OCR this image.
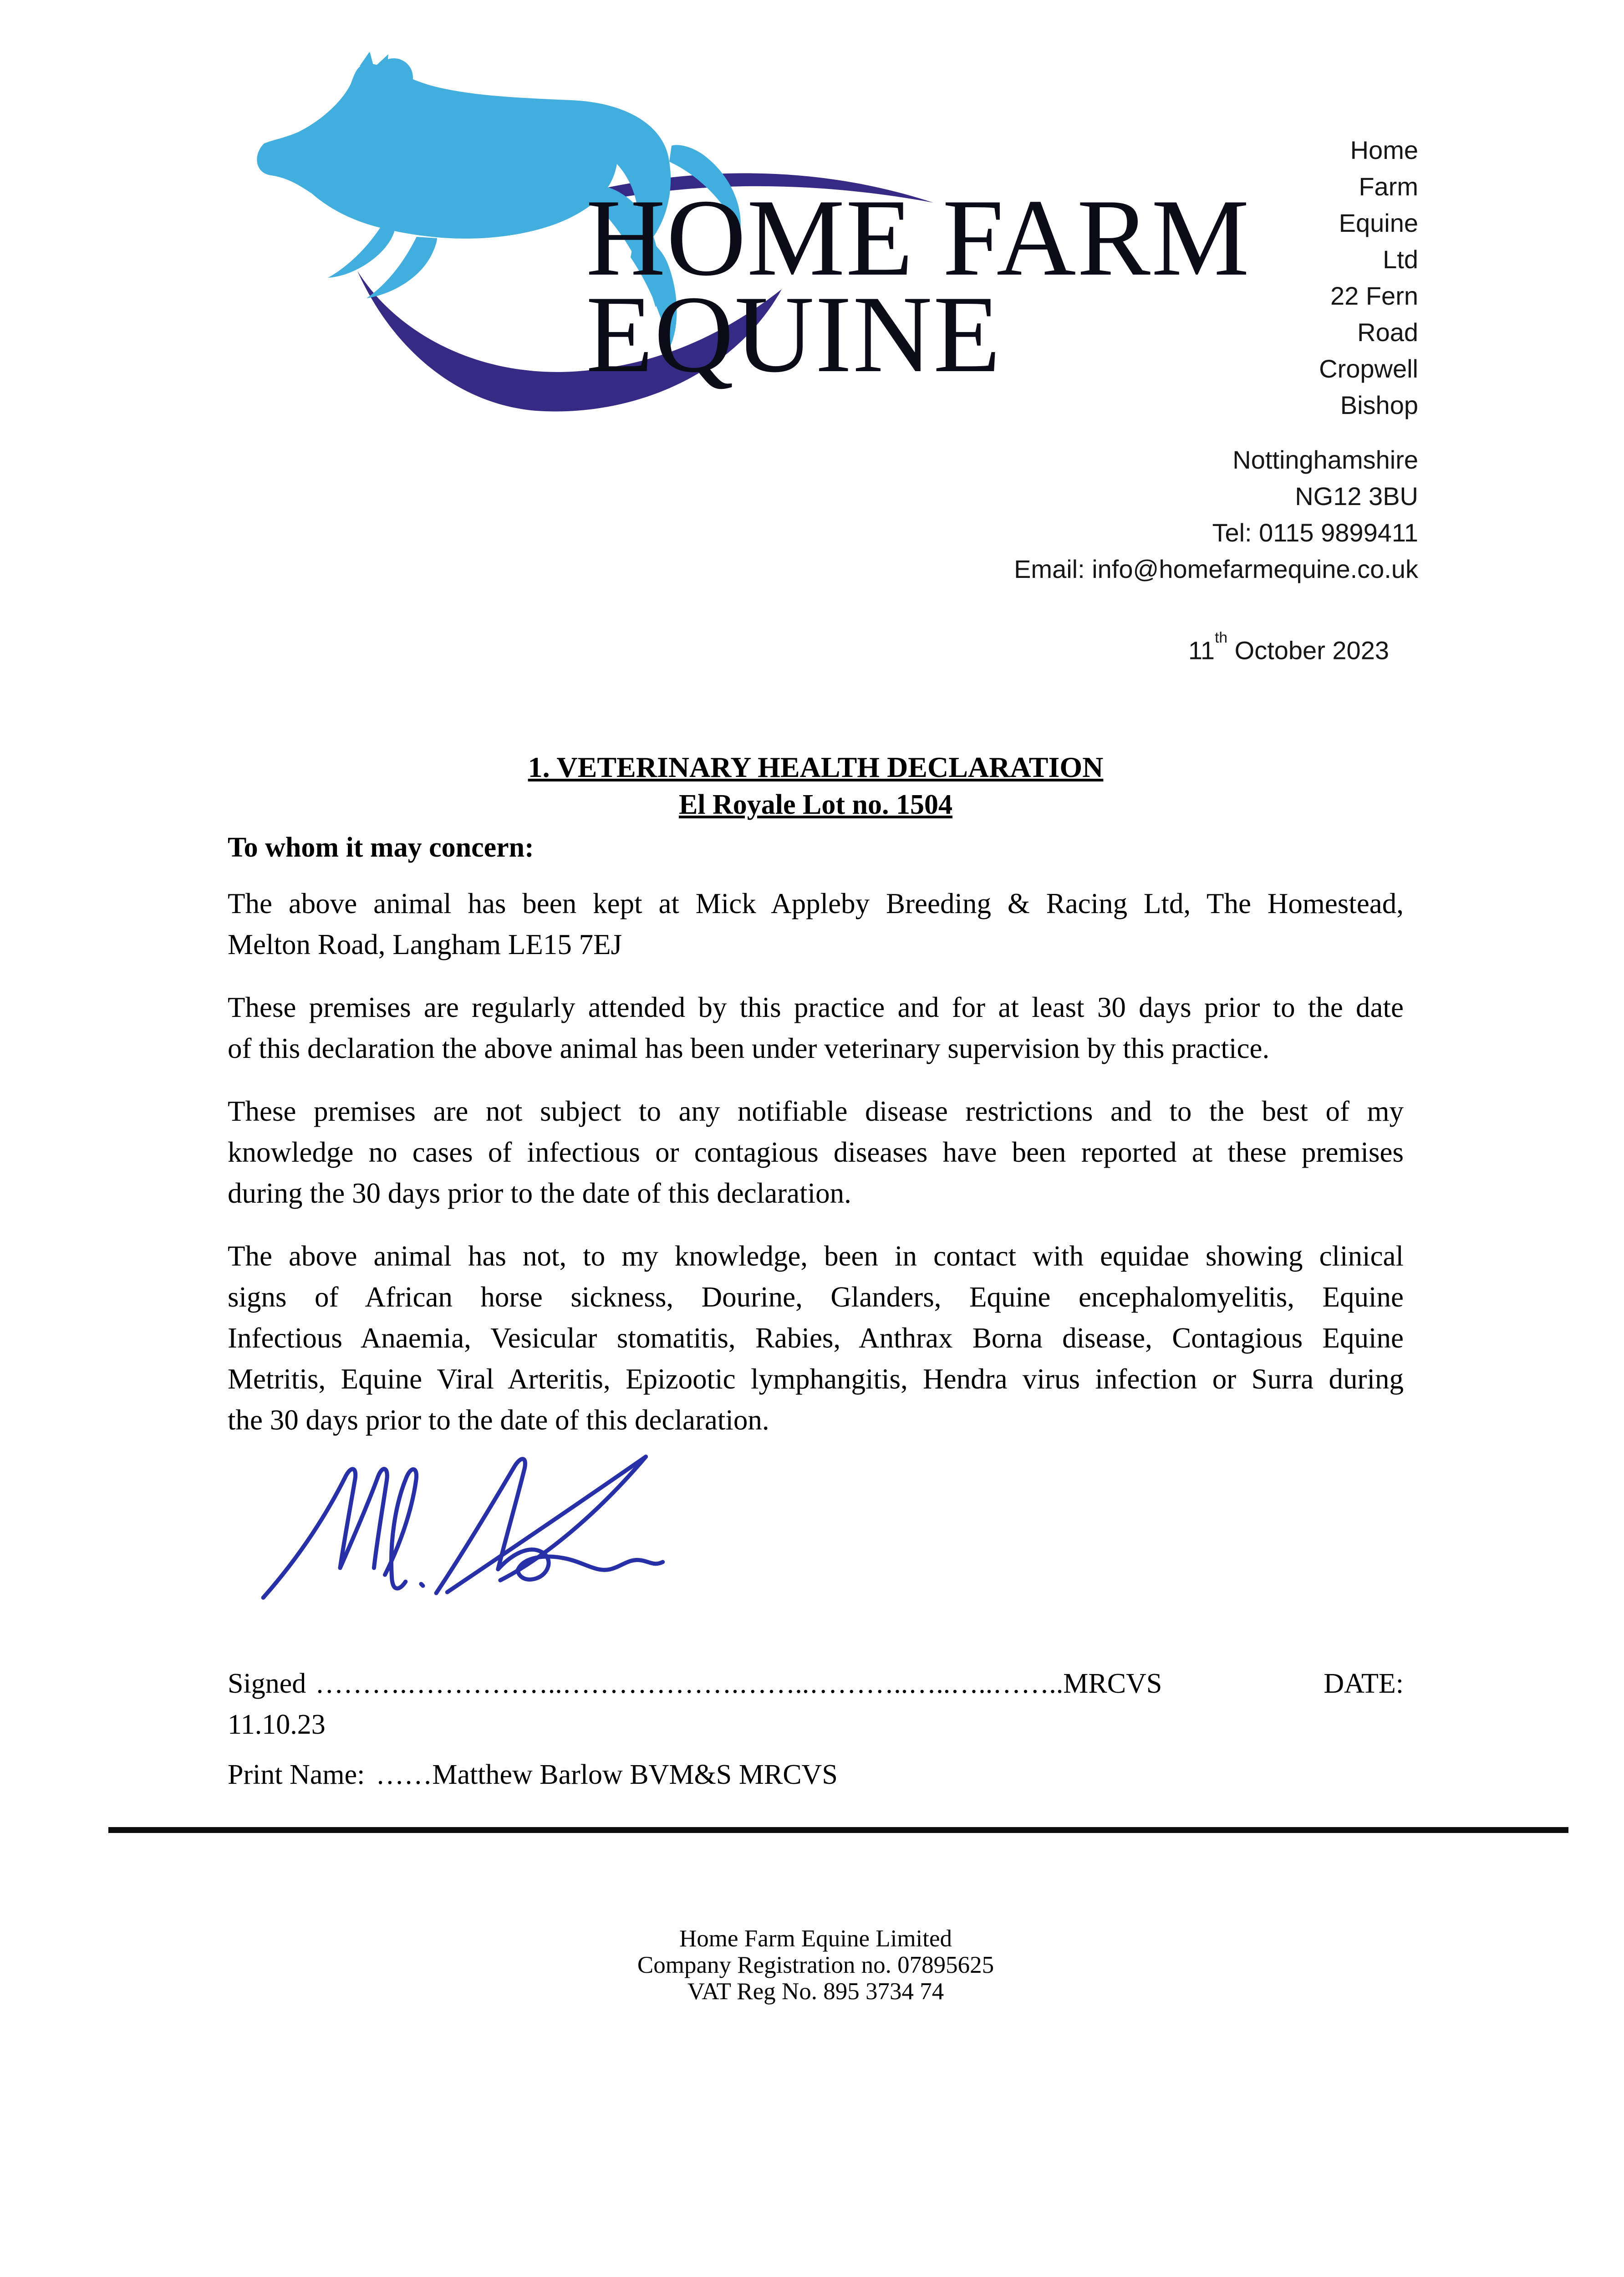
HOME FARM
EQUINE
Home
Farm
Equine
Ltd
22 Fern
Road
Cropwell
Bishop
Nottinghamshire
NG12 3BU
Tel: 0115 9899411
Email: info@homefarmequine.co.uk
11th October 2023
1. VETERINARY HEALTH DECLARATION
El Royale Lot no. 1504

To whom it may concern:

The above animal has been kept at Mick Appleby Breeding & Racing Ltd, The Homestead,
Melton Road, Langham LE15 7EJ
These premises are regularly attended by this practice and for at least 30 days prior to the date
of this declaration the above animal has been under veterinary supervision by this practice.
These premises are not subject to any notifiable disease restrictions and to the best of my
knowledge no cases of infectious or contagious diseases have been reported at these premises
during the 30 days prior to the date of this declaration.
The above animal has not, to my knowledge, been in contact with equidae showing clinical
signs of African horse sickness, Dourine, Glanders, Equine encephalomyelitis, Equine
Infectious Anaemia, Vesicular stomatitis, Rabies, Anthrax Borna disease, Contagious Equine
Metritis, Equine Viral Arteritis, Epizootic lymphangitis, Hendra virus infection or Surra during
the 30 days prior to the date of this declaration.
Signed ……….……………..……………….……..………..…..…..……..MRCVS	DATE:
11.10.23
Print Name: ……Matthew Barlow BVM&S MRCVS
Home Farm Equine Limited
Company Registration no. 07895625
VAT Reg No. 895 3734 74
